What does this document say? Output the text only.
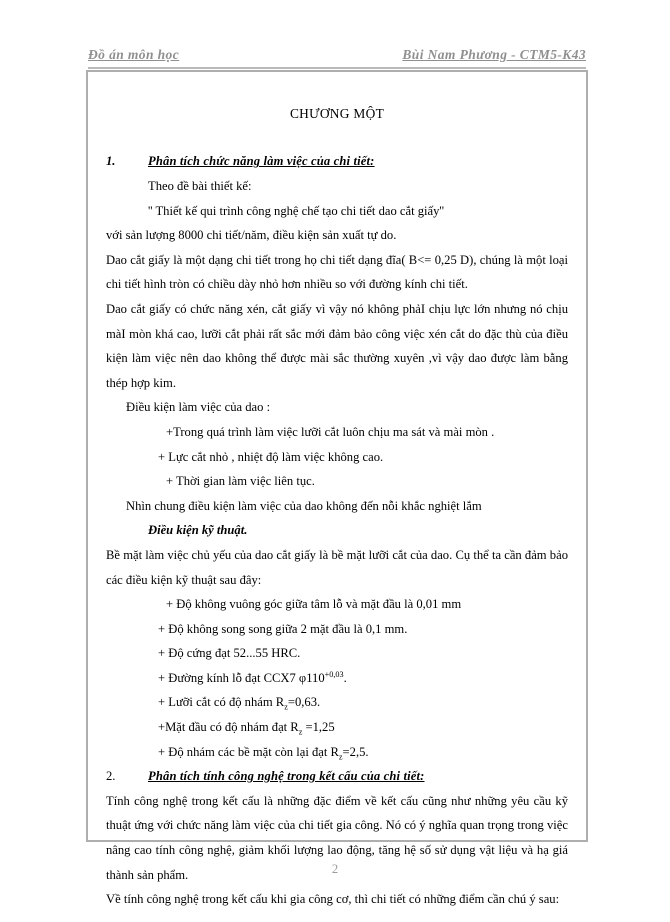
Đồ án môn học	Bùi Nam Phương - CTM5-K43
CHƯƠNG MỘT
1.	Phân tích chức năng làm việc của chi tiết:

Theo đề bài thiết kế:

'' Thiết kế qui trình công nghệ chế tạo chi tiết dao cắt giấy''

với sản lượng 8000 chi tiết/năm, điều kiện sản xuất tự do.

Dao cắt giấy là một dạng chi tiết trong họ chi tiết dạng đĩa( B<= 0,25 D), chúng là một loại chi tiết hình tròn có chiều dày nhỏ hơn nhiều so với đường kính chi tiết.

Dao cắt giấy có chức năng xén, cắt giấy vì vậy nó không phảI chịu lực lớn nhưng nó chịu màI mòn khá cao, lưỡi cắt phải rất sắc mới đảm bảo công việc xén cắt do đặc thù của điều kiện làm việc nên dao không thể được mài sắc thường xuyên ,vì vậy dao được làm bằng thép hợp kim.

Điều kiện làm việc của dao :

+Trong quá trình làm việc lưỡi cắt luôn chịu ma sát và mài mòn .

+ Lực cắt nhỏ , nhiệt độ làm việc không cao.

+ Thời gian làm việc liên tục.

Nhìn chung điều kiện làm việc của dao không đến nỗi khắc nghiệt lắm

Điều kiện kỹ thuật.

Bề mặt làm việc chủ yếu của dao cắt giấy là bề mặt lưỡi cắt của dao. Cụ thể ta cần đảm bảo các điều kiện kỹ thuật sau đây:

+ Độ không vuông góc giữa tâm lỗ và mặt đầu là 0,01 mm

+ Độ không song song giữa 2 mặt đầu là 0,1 mm.

+ Độ cứng đạt 52...55 HRC.

+ Đường kính lỗ đạt CCX7 $\varphi 110^{+0,03}$.

+ Lưỡi cắt có độ nhám $R_z=0,63$.

+Mặt đầu có độ nhám đạt $R_z =1,25$

+ Độ nhám các bề mặt còn lại đạt $R_z=2,5$.

2.	Phân tích tính công nghệ trong kết cấu của chi tiết:

Tính công nghệ trong kết cấu là những đặc điểm về kết cấu cũng như những yêu cầu kỹ thuật ứng với chức năng làm việc của chi tiết gia công. Nó có ý nghĩa quan trọng trong việc nâng cao tính công nghệ, giảm khối lượng lao động, tăng hệ số sử dụng vật liệu và hạ giá thành sản phẩm.

Về tính công nghệ trong kết cấu khi gia công cơ, thì chi tiết có những điểm cần chú ý sau:

2
